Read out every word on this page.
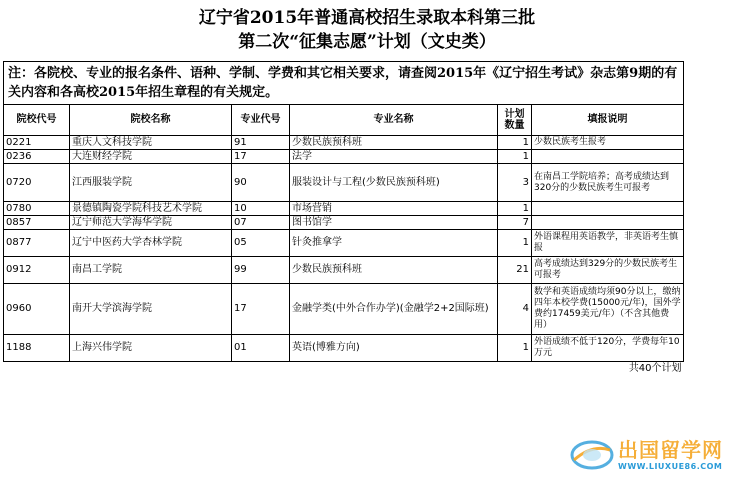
辽宁省2015年普通高校招生录取本科第三批
第二次“征集志愿”计划（文史类）
注：各院校、专业的报名条件、语种、学制、学费和其它相关要求，请查阅2015年《辽宁招生考试》杂志第9期的有关内容和各高校2015年招生章程的有关规定。					
院校代号	院校名称	专业代号	专业名称	计划数量	填报说明
0221	重庆人文科技学院	91	少数民族预科班	1	少数民族考生报考
0236	大连财经学院	17	法学	1	
0720	江西服装学院	90	服装设计与工程(少数民族预科班)	3	在南昌工学院培养；高考成绩达到320分的少数民族考生可报考
0780	景德镇陶瓷学院科技艺术学院	10	市场营销	1	
0857	辽宁师范大学海华学院	07	图书馆学	7	
0877	辽宁中医药大学杏林学院	05	针灸推拿学	1	外语课程用英语教学，非英语考生慎报
0912	南昌工学院	99	少数民族预科班	21	高考成绩达到329分的少数民族考生可报考
0960	南开大学滨海学院	17	金融学类(中外合作办学)(金融学2+2国际班)	4	数学和英语成绩均须90分以上，缴纳四年本校学费(15000元/年)，国外学费约17459美元/年）（不含其他费用）
1188	上海兴伟学院	01	英语(博雅方向)	1	外语成绩不低于120分，学费每年10万元
共40个计划					
出国留学网
WWW.LIUXUE86.COM
